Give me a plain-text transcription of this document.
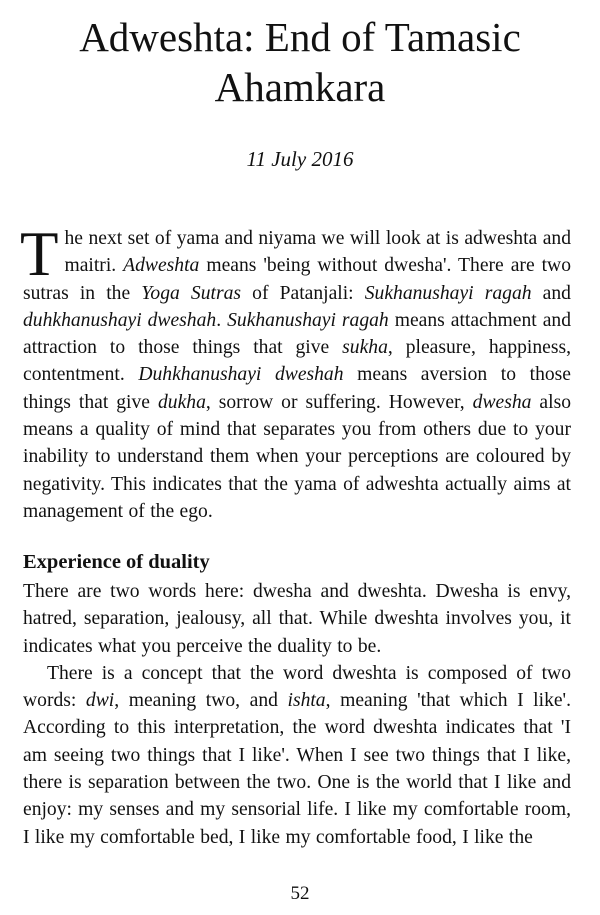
Adweshta: End of Tamasic
Ahamkara

11 July 2016

The next set of yama and niyama we will look at is adweshta and maitri. Adweshta means 'being without dwesha'. There are two sutras in the Yoga Sutras of Patanjali: Sukhanushayi ragah and duhkhanushayi dweshah. Sukhanushayi ragah means attachment and attraction to those things that give sukha, pleasure, happiness, contentment. Duhkhanushayi dweshah means aversion to those things that give dukha, sorrow or suffering. However, dwesha also means a quality of mind that separates you from others due to your inability to understand them when your perceptions are coloured by negativity. This indicates that the yama of adweshta actually aims at management of the ego.

Experience of duality

There are two words here: dwesha and dweshta. Dwesha is envy, hatred, separation, jealousy, all that. While dweshta involves you, it indicates what you perceive the duality to be.

There is a concept that the word dweshta is composed of two words: dwi, meaning two, and ishta, meaning 'that which I like'. According to this interpretation, the word dweshta indicates that 'I am seeing two things that I like'. When I see two things that I like, there is separation between the two. One is the world that I like and enjoy: my senses and my sensorial life. I like my comfortable room, I like my comfortable bed, I like my comfortable food, I like the

52
